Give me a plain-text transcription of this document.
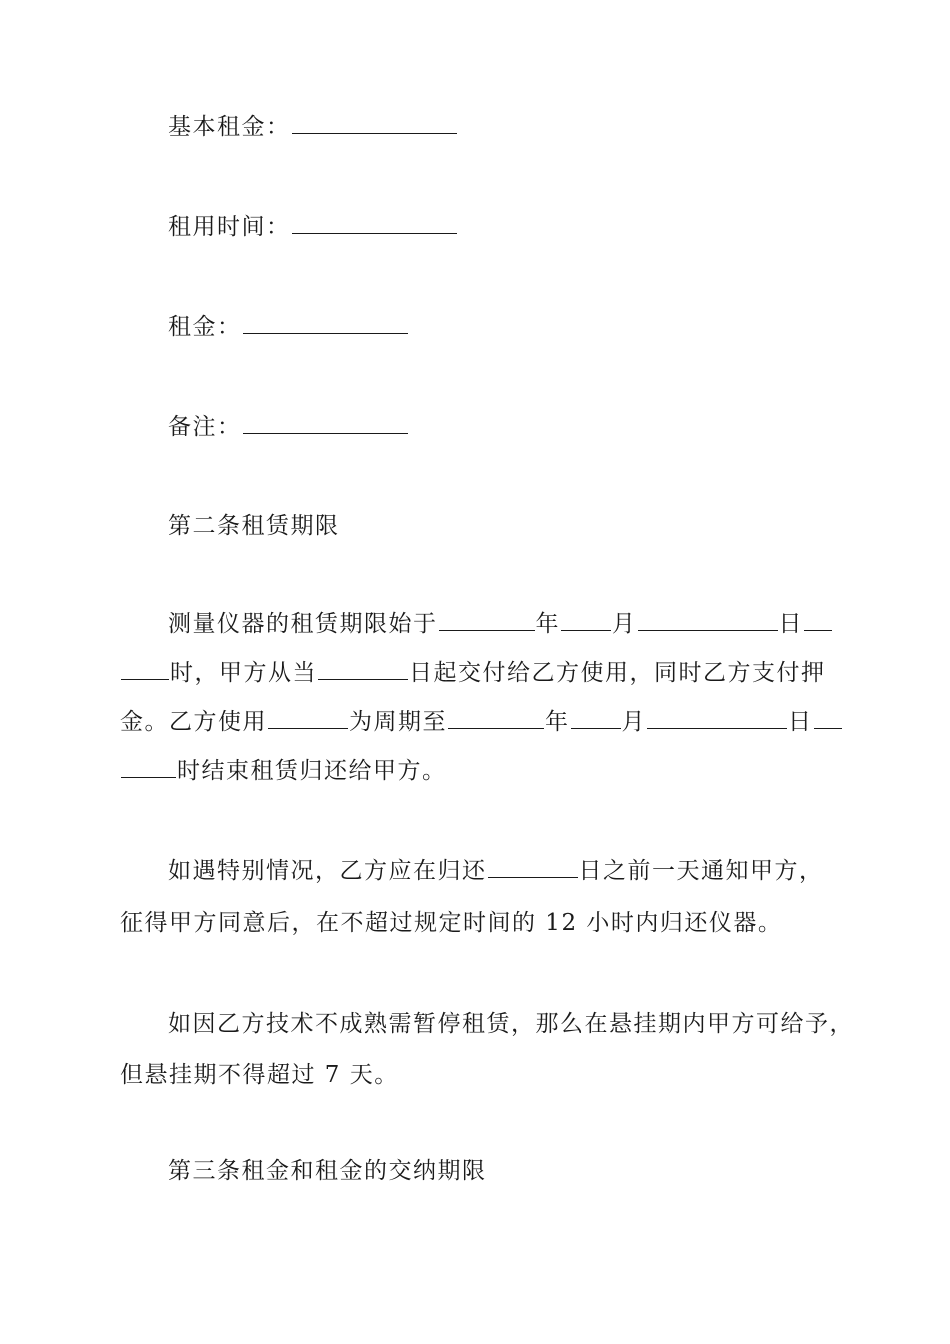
基本租金：
租用时间：
租金：
备注：
第二条租赁期限
测量仪器的租赁期限始于	年 月	日
时，甲方从当	日起交付给乙方使用，同时乙方支付押
金。乙方使用	为周期至	年 月	日
时结束租赁归还给甲方。
如遇特别情况，乙方应在归还	日之前一天通知甲方，
征得甲方同意后，在不超过规定时间的 12 小时内归还仪器。
如因乙方技术不成熟需暂停租赁，那么在悬挂期内甲方可给予，
但悬挂期不得超过 7 天。
第三条租金和租金的交纳期限
